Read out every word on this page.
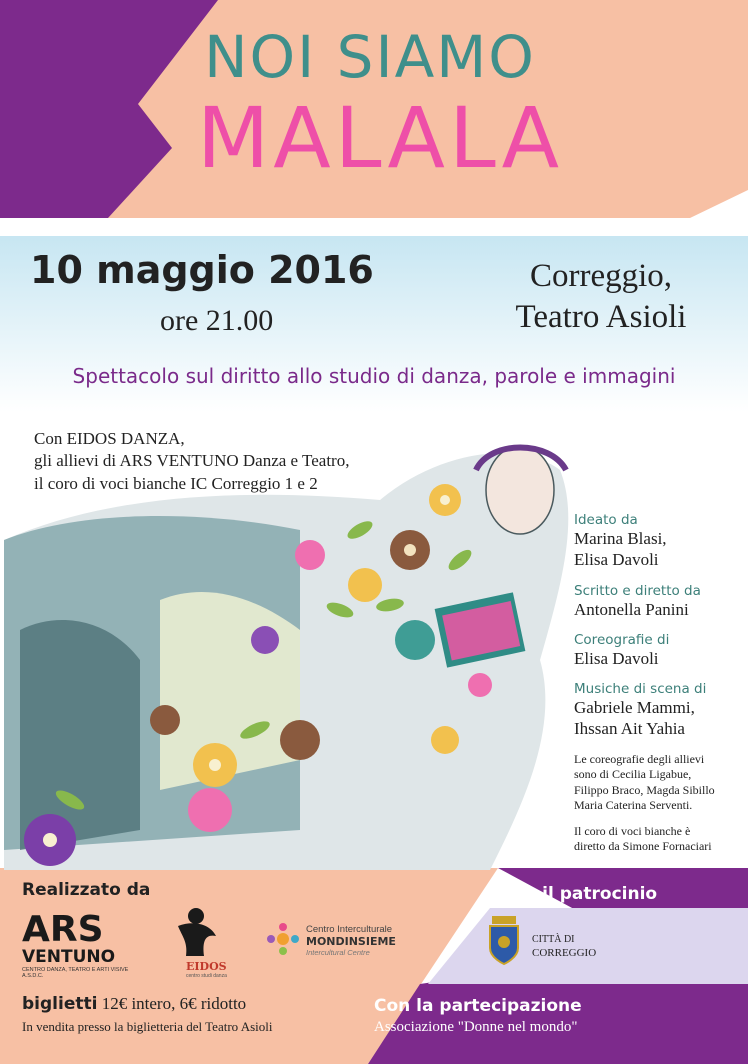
NOI SIAMO
MALALA
10 maggio 2016
ore 21.00
Correggio,
Teatro Asioli
Spettacolo sul diritto allo studio di danza, parole e immagini
Con EIDOS DANZA,
gli allievi di ARS VENTUNO Danza e Teatro,
il coro di voci bianche IC Correggio 1 e 2
Ideato da
Marina Blasi,
Elisa Davoli
Scritto e diretto da
Antonella Panini
Coreografie di
Elisa Davoli
Musiche di scena di
Gabriele Mammi,
Ihssan Ait Yahia
Le coreografie degli allievi
sono di Cecilia Ligabue,
Filippo Braco, Magda Sibillo
Maria Caterina Serventi.
Il coro di voci bianche è
diretto da Simone Fornaciari
Realizzato da
ARS
VENTUNO
CENTRO DANZA, TEATRO E ARTI VISIVE A.S.D.C.
EIDOS
centro studi danza
Centro Interculturale
MONDINSIEME
Intercultural Centre
biglietti 12€ intero, 6€ ridotto
In vendita presso la biglietteria del Teatro Asioli
Con il patrocinio
CITTÀ DI
CORREGGIO
Con la partecipazione
Associazione "Donne nel mondo"
